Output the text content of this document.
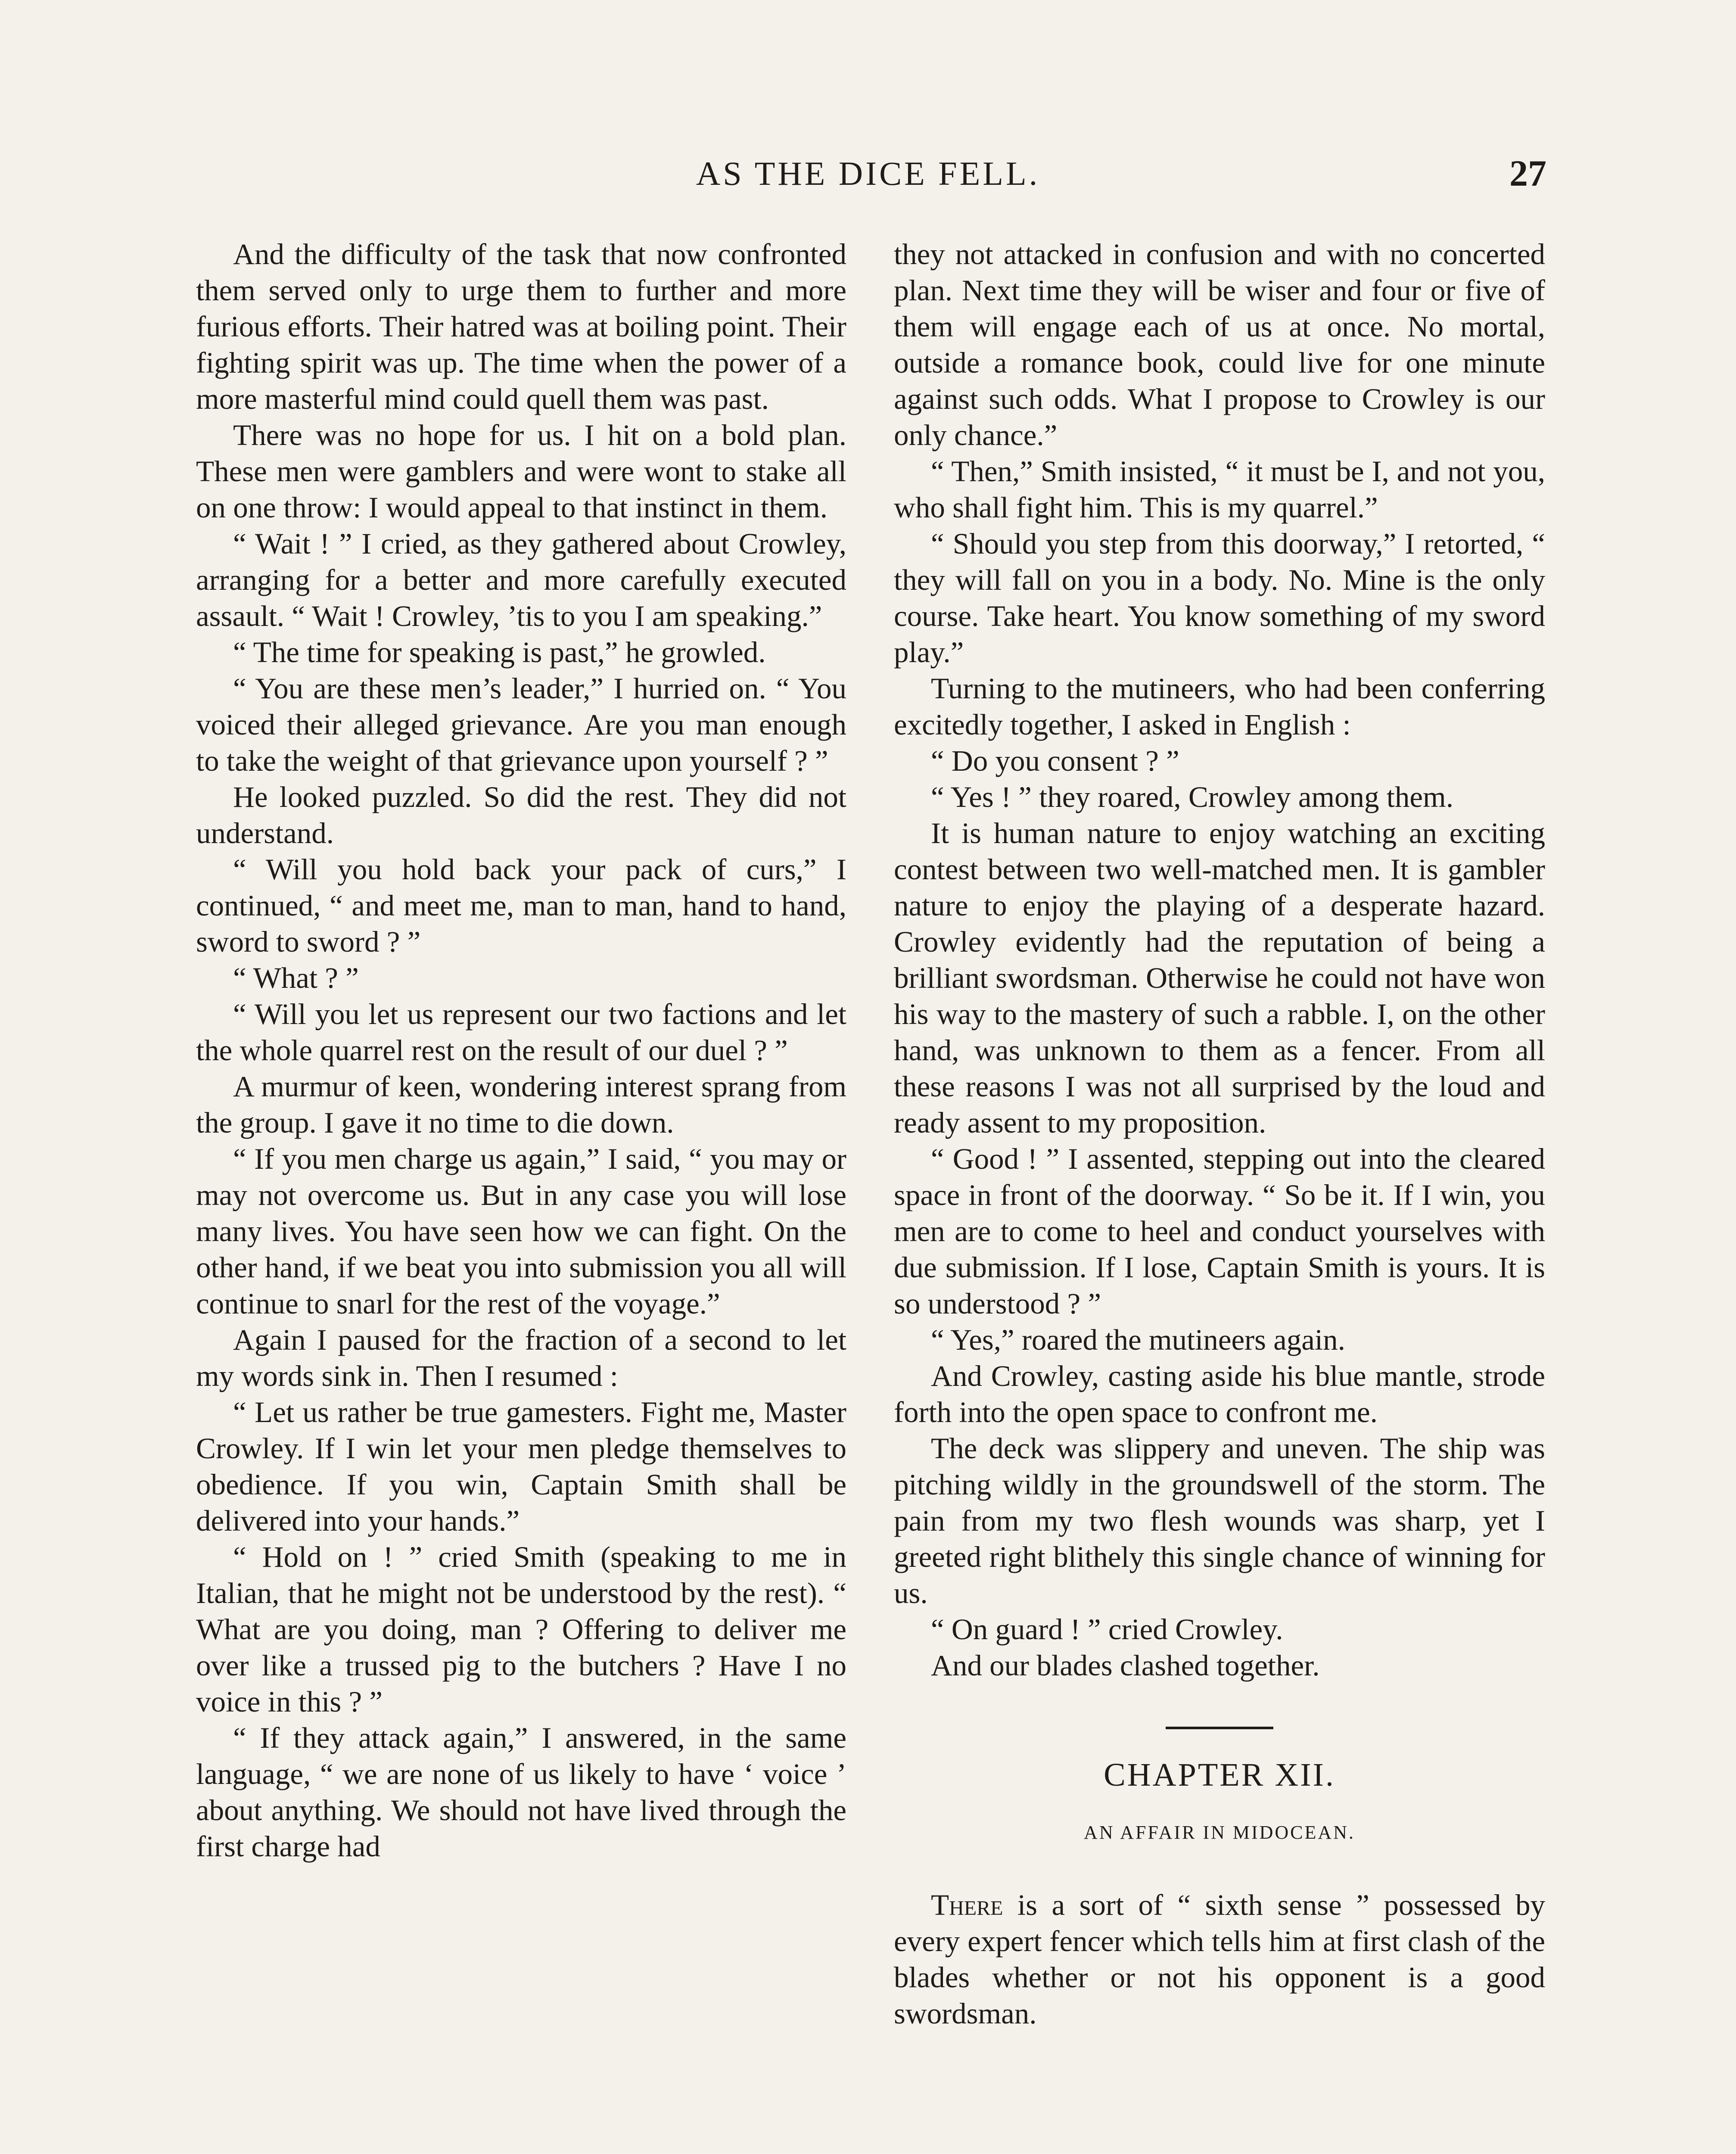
AS THE DICE FELL.	27

And the difficulty of the task that now confronted them served only to urge them to further and more furious efforts. Their hatred was at boiling point. Their fighting spirit was up. The time when the power of a more masterful mind could quell them was past.

There was no hope for us. I hit on a bold plan. These men were gamblers and were wont to stake all on one throw: I would appeal to that instinct in them.

“ Wait ! ” I cried, as they gathered about Crowley, arranging for a better and more carefully executed assault. “ Wait ! Crowley, ’tis to you I am speaking.”

“ The time for speaking is past,” he growled.

“ You are these men’s leader,” I hurried on. “ You voiced their alleged grievance. Are you man enough to take the weight of that grievance upon yourself ? ”

He looked puzzled. So did the rest. They did not understand.

“ Will you hold back your pack of curs,” I continued, “ and meet me, man to man, hand to hand, sword to sword ? ”

“ What ? ”

“ Will you let us represent our two factions and let the whole quarrel rest on the result of our duel ? ”

A murmur of keen, wondering interest sprang from the group. I gave it no time to die down.

“ If you men charge us again,” I said, “ you may or may not overcome us. But in any case you will lose many lives. You have seen how we can fight. On the other hand, if we beat you into submission you all will continue to snarl for the rest of the voyage.”

Again I paused for the fraction of a second to let my words sink in. Then I resumed :

“ Let us rather be true gamesters. Fight me, Master Crowley. If I win let your men pledge themselves to obedience. If you win, Captain Smith shall be delivered into your hands.”

“ Hold on ! ” cried Smith (speaking to me in Italian, that he might not be understood by the rest). “ What are you doing, man ? Offering to deliver me over like a trussed pig to the butchers ? Have I no voice in this ? ”

“ If they attack again,” I answered, in the same language, “ we are none of us likely to have ‘ voice ’ about anything. We should not have lived through the first charge had

they not attacked in confusion and with no concerted plan. Next time they will be wiser and four or five of them will engage each of us at once. No mortal, outside a romance book, could live for one minute against such odds. What I propose to Crowley is our only chance.”

“ Then,” Smith insisted, “ it must be I, and not you, who shall fight him. This is my quarrel.”

“ Should you step from this doorway,” I retorted, “ they will fall on you in a body. No. Mine is the only course. Take heart. You know something of my sword play.”

Turning to the mutineers, who had been conferring excitedly together, I asked in English :

“ Do you consent ? ”

“ Yes ! ” they roared, Crowley among them.

It is human nature to enjoy watching an exciting contest between two well-matched men. It is gambler nature to enjoy the playing of a desperate hazard. Crowley evidently had the reputation of being a brilliant swordsman. Otherwise he could not have won his way to the mastery of such a rabble. I, on the other hand, was unknown to them as a fencer. From all these reasons I was not all surprised by the loud and ready assent to my proposition.

“ Good ! ” I assented, stepping out into the cleared space in front of the doorway. “ So be it. If I win, you men are to come to heel and conduct yourselves with due submission. If I lose, Captain Smith is yours. It is so understood ? ”

“ Yes,” roared the mutineers again.

And Crowley, casting aside his blue mantle, strode forth into the open space to confront me.

The deck was slippery and uneven. The ship was pitching wildly in the groundswell of the storm. The pain from my two flesh wounds was sharp, yet I greeted right blithely this single chance of winning for us.

“ On guard ! ” cried Crowley.

And our blades clashed together.

CHAPTER XII.
AN AFFAIR IN MIDOCEAN.

There is a sort of “ sixth sense ” possessed by every expert fencer which tells him at first clash of the blades whether or not his opponent is a good swordsman.
